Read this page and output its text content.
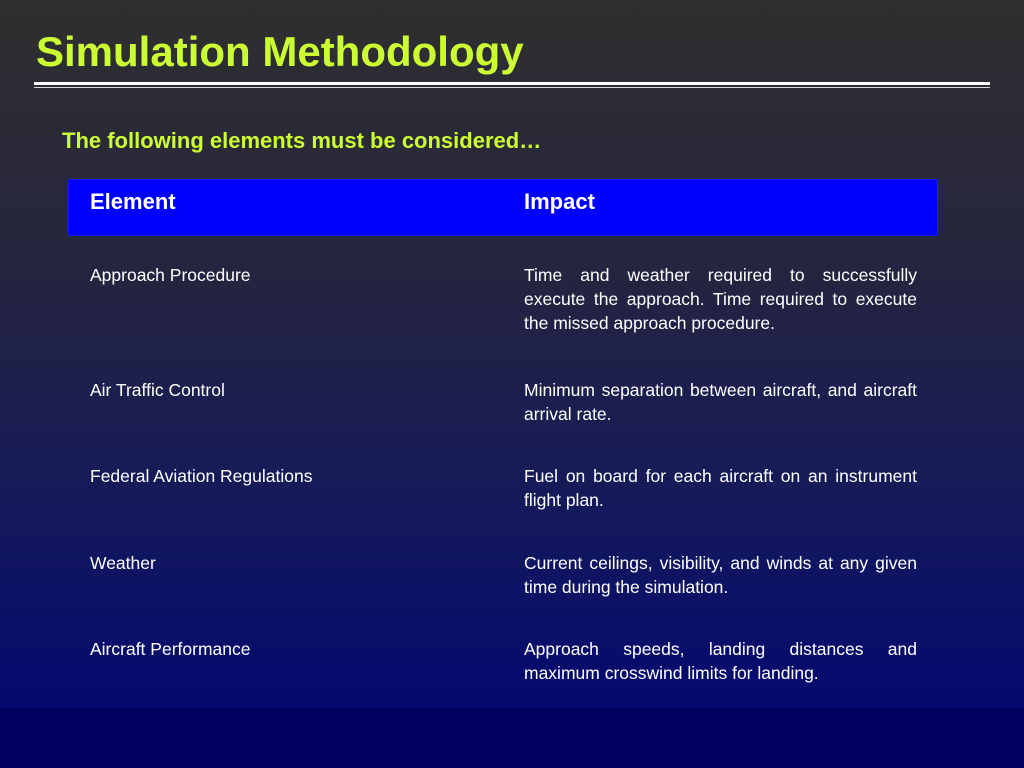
Simulation Methodology

The following elements must be considered…

Element	Impact
Approach Procedure	Time and weather required to successfully execute the approach. Time required to execute the missed approach procedure.
Air Traffic Control	Minimum separation between aircraft, and aircraft arrival rate.
Federal Aviation Regulations	Fuel on board for each aircraft on an instrument flight plan.
Weather	Current ceilings, visibility, and winds at any given time during the simulation.
Aircraft Performance	Approach speeds, landing distances and maximum crosswind limits for landing.
